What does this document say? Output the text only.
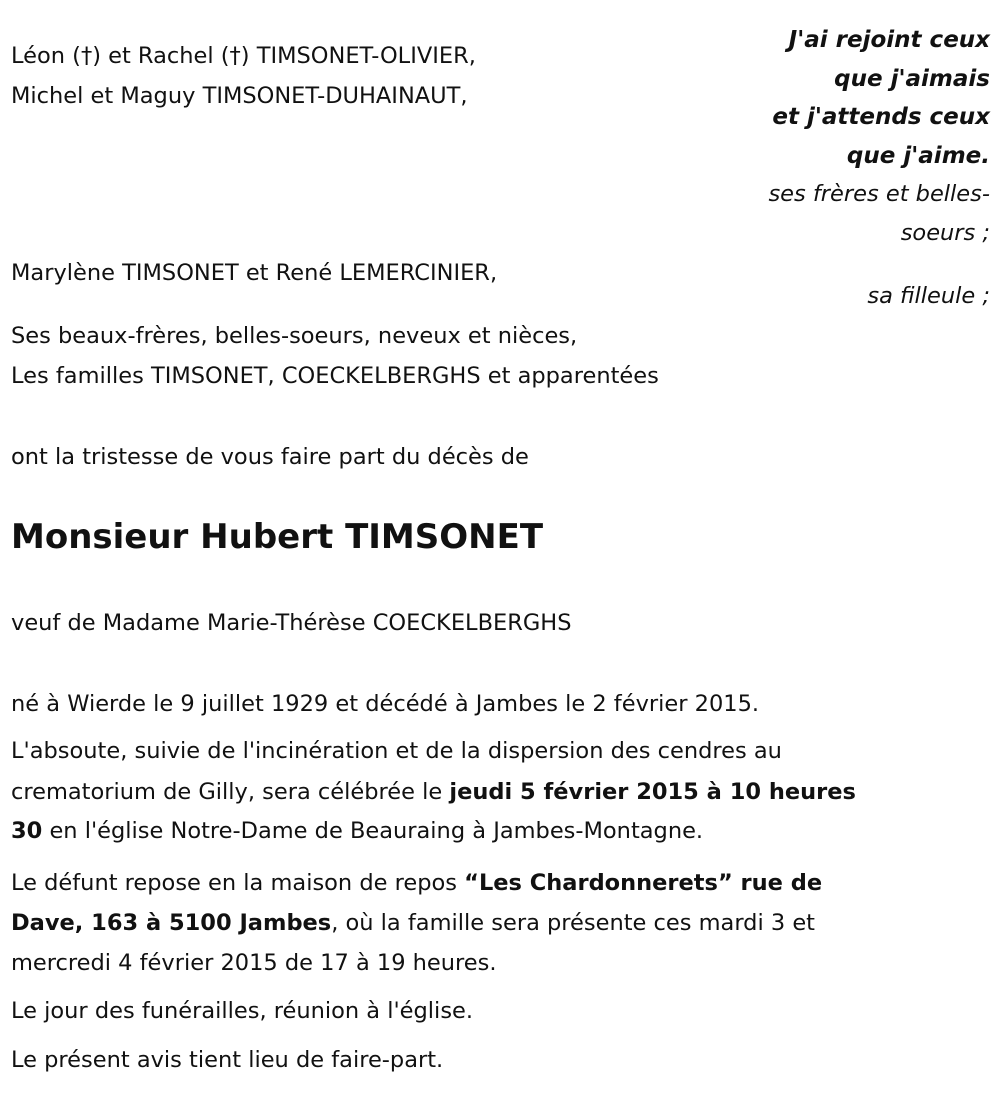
Léon (†) et Rachel (†) TIMSONET-OLIVIER,
Michel et Maguy TIMSONET-DUHAINAUT,
J'ai rejoint ceux
que j'aimais
et j'attends ceux
que j'aime.
ses frères et belles-
soeurs ;
sa filleule ;
Marylène TIMSONET et René LEMERCINIER,
Ses beaux-frères, belles-soeurs, neveux et nièces,
Les familles TIMSONET, COECKELBERGHS et apparentées
ont la tristesse de vous faire part du décès de
Monsieur Hubert TIMSONET
veuf de Madame Marie-Thérèse COECKELBERGHS
né à Wierde le 9 juillet 1929 et décédé à Jambes le 2 février 2015.
L'absoute, suivie de l'incinération et de la dispersion des cendres au
crematorium de Gilly, sera célébrée le jeudi 5 février 2015 à 10 heures
30 en l'église Notre-Dame de Beauraing à Jambes-Montagne.
Le défunt repose en la maison de repos “Les Chardonnerets” rue de
Dave, 163 à 5100 Jambes, où la famille sera présente ces mardi 3 et
mercredi 4 février 2015 de 17 à 19 heures.
Le jour des funérailles, réunion à l'église.
Le présent avis tient lieu de faire-part.
